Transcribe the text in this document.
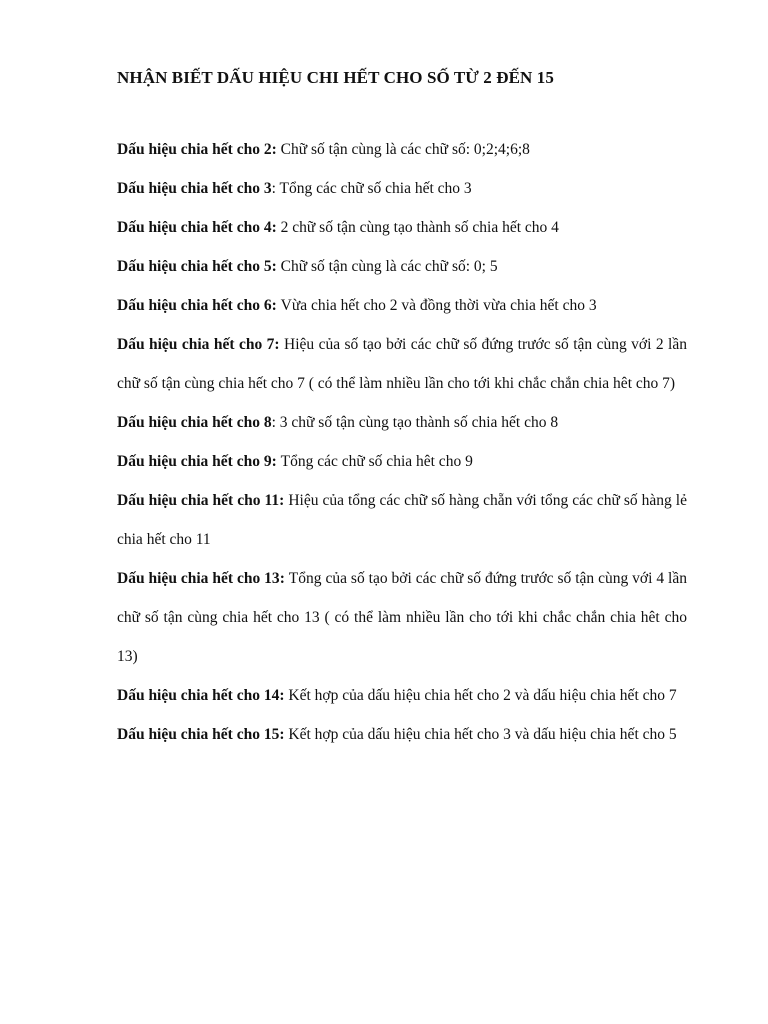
NHẬN BIẾT DẤU HIỆU CHI HẾT CHO SỐ TỪ 2 ĐẾN 15
Dấu hiệu chia hết cho 2: Chữ số tận cùng là các chữ số: 0;2;4;6;8
Dấu hiệu chia hết cho 3: Tổng các chữ số chia hết cho 3
Dấu hiệu chia hết cho 4: 2 chữ số tận cùng tạo thành số chia hết cho 4
Dấu hiệu chia hết cho 5: Chữ số tận cùng là các chữ số: 0; 5
Dấu hiệu chia hết cho 6: Vừa chia hết cho 2 và đồng thời vừa chia hết cho 3
Dấu hiệu chia hết cho 7: Hiệu của số tạo bởi các chữ số đứng trước số tận cùng với 2 lần chữ số tận cùng chia hết cho 7 ( có thể làm nhiều lần cho tới khi chắc chắn chia hêt cho 7)
Dấu hiệu chia hết cho 8: 3 chữ số tận cùng tạo thành số chia hết cho 8
Dấu hiệu chia hết cho 9: Tổng các chữ số chia hêt cho 9
Dấu hiệu chia hết cho 11: Hiệu của tổng các chữ số hàng chẵn với tổng các chữ số hàng lẻ chia hết cho 11
Dấu hiệu chia hết cho 13: Tổng của số tạo bởi các chữ số đứng trước số tận cùng với 4 lần chữ số tận cùng chia hết cho 13 ( có thể làm nhiều lần cho tới khi chắc chắn chia hêt cho 13)
Dấu hiệu chia hết cho 14: Kết hợp của dấu hiệu chia hết cho 2 và dấu hiệu chia hết cho 7
Dấu hiệu chia hết cho 15: Kết hợp của dấu hiệu chia hết cho 3 và dấu hiệu chia hết cho 5
